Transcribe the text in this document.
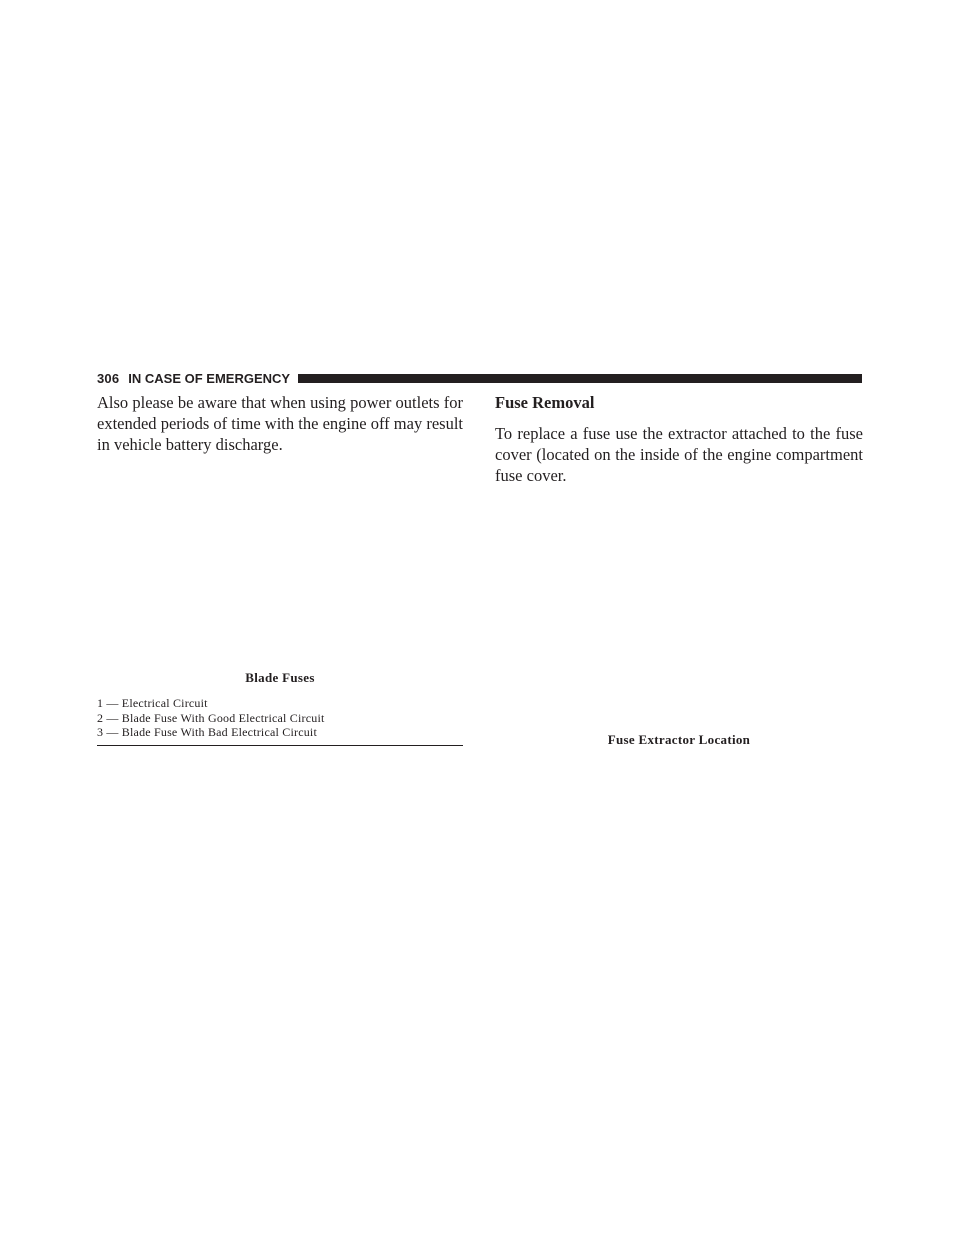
306 IN CASE OF EMERGENCY

Also please be aware that when using power outlets for extended periods of time with the engine off may result in vehicle battery discharge.

Blade Fuses
1 — Electrical Circuit
2 — Blade Fuse With Good Electrical Circuit
3 — Blade Fuse With Bad Electrical Circuit
Fuse Removal

To replace a fuse use the extractor attached to the fuse cover (located on the inside of the engine compartment fuse cover.

Fuse Extractor Location
